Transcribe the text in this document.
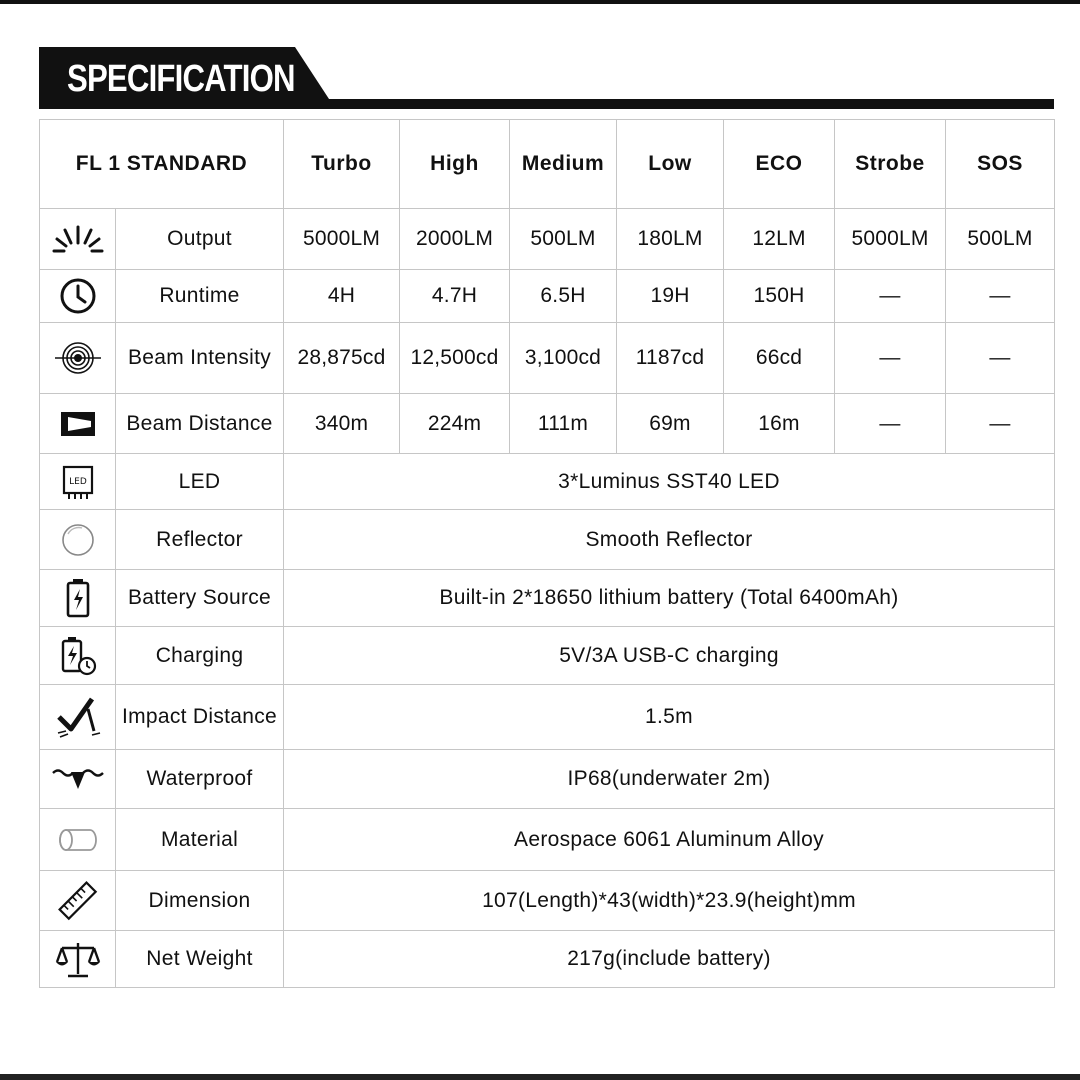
SPECIFICATION
FL 1 STANDARD		Turbo	High	Medium	Low	ECO	Strobe	SOS

	Output	5000LM	2000LM	500LM	180LM	12LM	5000LM	500LM

	Runtime	4H	4.7H	6.5H	19H	150H	—	—

	Beam Intensity	28,875cd	12,500cd	3,100cd	1187cd	66cd	—	—

	Beam Distance	340m	224m	111m	69m	16m	—	—

LED	LED	3*Luminus SST40 LED						

	Reflector	Smooth Reflector						

	Battery Source	Built-in 2*18650 lithium battery (Total 6400mAh)						

	Charging	5V/3A USB-C charging						

	Impact Distance	1.5m						

	Waterproof	IP68(underwater 2m)						

	Material	Aerospace 6061 Aluminum Alloy						

	Dimension	107(Length)*43(width)*23.9(height)mm						

	Net Weight	217g(include battery)						
